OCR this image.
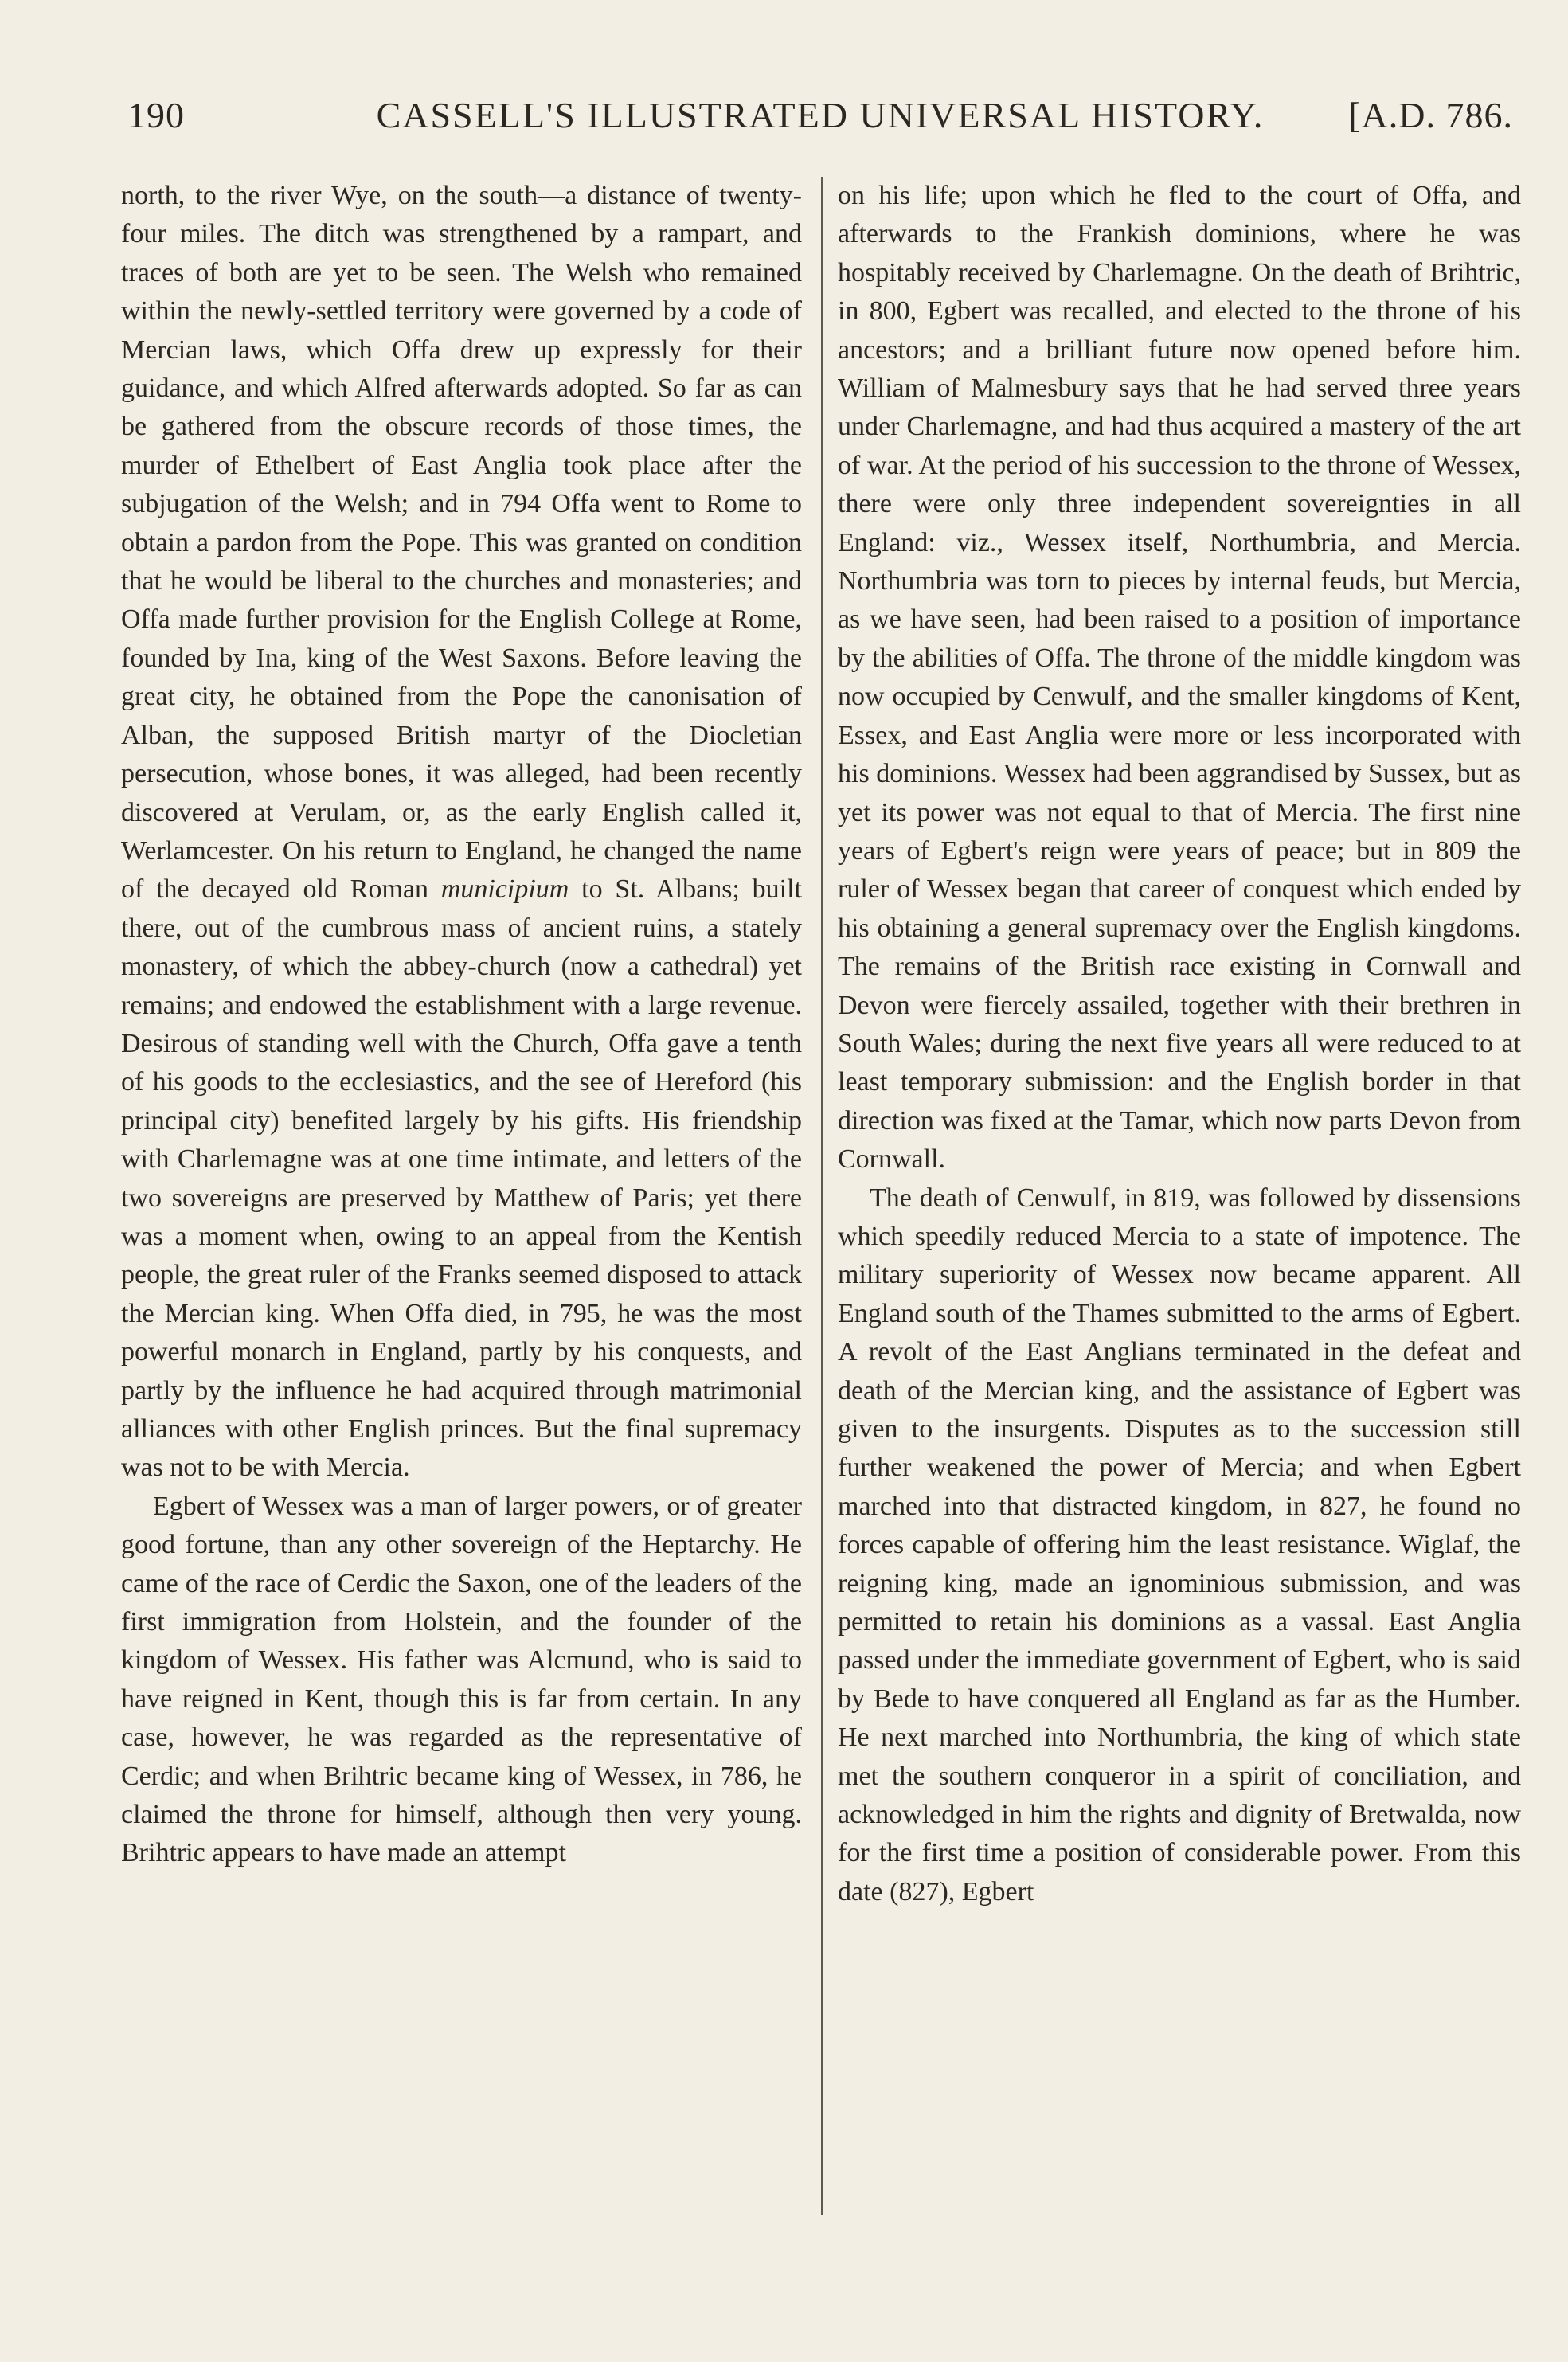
190	CASSELL'S ILLUSTRATED UNIVERSAL HISTORY.	[A.D. 786.

north, to the river Wye, on the south—a distance of twenty-four miles. The ditch was strengthened by a rampart, and traces of both are yet to be seen. The Welsh who remained within the newly-settled territory were governed by a code of Mercian laws, which Offa drew up expressly for their guidance, and which Alfred afterwards adopted. So far as can be gathered from the obscure records of those times, the murder of Ethelbert of East Anglia took place after the subjugation of the Welsh; and in 794 Offa went to Rome to obtain a pardon from the Pope. This was granted on condition that he would be liberal to the churches and monasteries; and Offa made further provision for the English College at Rome, founded by Ina, king of the West Saxons. Before leaving the great city, he obtained from the Pope the canonisation of Alban, the supposed British martyr of the Diocletian persecution, whose bones, it was alleged, had been recently discovered at Verulam, or, as the early English called it, Werlamcester. On his return to England, he changed the name of the decayed old Roman municipium to St. Albans; built there, out of the cumbrous mass of ancient ruins, a stately monastery, of which the abbey-church (now a cathedral) yet remains; and endowed the establishment with a large revenue. Desirous of standing well with the Church, Offa gave a tenth of his goods to the ecclesiastics, and the see of Hereford (his principal city) benefited largely by his gifts. His friendship with Charlemagne was at one time intimate, and letters of the two sovereigns are preserved by Matthew of Paris; yet there was a moment when, owing to an appeal from the Kentish people, the great ruler of the Franks seemed disposed to attack the Mercian king. When Offa died, in 795, he was the most powerful monarch in England, partly by his conquests, and partly by the influence he had acquired through matrimonial alliances with other English princes. But the final supremacy was not to be with Mercia.

Egbert of Wessex was a man of larger powers, or of greater good fortune, than any other sovereign of the Heptarchy. He came of the race of Cerdic the Saxon, one of the leaders of the first immigration from Holstein, and the founder of the kingdom of Wessex. His father was Alcmund, who is said to have reigned in Kent, though this is far from certain. In any case, however, he was regarded as the representative of Cerdic; and when Brihtric became king of Wessex, in 786, he claimed the throne for himself, although then very young. Brihtric appears to have made an attempt

on his life; upon which he fled to the court of Offa, and afterwards to the Frankish dominions, where he was hospitably received by Charlemagne. On the death of Brihtric, in 800, Egbert was recalled, and elected to the throne of his ancestors; and a brilliant future now opened before him. William of Malmesbury says that he had served three years under Charlemagne, and had thus acquired a mastery of the art of war. At the period of his succession to the throne of Wessex, there were only three independent sovereignties in all England: viz., Wessex itself, Northumbria, and Mercia. Northumbria was torn to pieces by internal feuds, but Mercia, as we have seen, had been raised to a position of importance by the abilities of Offa. The throne of the middle kingdom was now occupied by Cenwulf, and the smaller kingdoms of Kent, Essex, and East Anglia were more or less incorporated with his dominions. Wessex had been aggrandised by Sussex, but as yet its power was not equal to that of Mercia. The first nine years of Egbert's reign were years of peace; but in 809 the ruler of Wessex began that career of conquest which ended by his obtaining a general supremacy over the English kingdoms. The remains of the British race existing in Cornwall and Devon were fiercely assailed, together with their brethren in South Wales; during the next five years all were reduced to at least temporary submission: and the English border in that direction was fixed at the Tamar, which now parts Devon from Cornwall.

The death of Cenwulf, in 819, was followed by dissensions which speedily reduced Mercia to a state of impotence. The military superiority of Wessex now became apparent. All England south of the Thames submitted to the arms of Egbert. A revolt of the East Anglians terminated in the defeat and death of the Mercian king, and the assistance of Egbert was given to the insurgents. Disputes as to the succession still further weakened the power of Mercia; and when Egbert marched into that distracted kingdom, in 827, he found no forces capable of offering him the least resistance. Wiglaf, the reigning king, made an ignominious submission, and was permitted to retain his dominions as a vassal. East Anglia passed under the immediate government of Egbert, who is said by Bede to have conquered all England as far as the Humber. He next marched into Northumbria, the king of which state met the southern conqueror in a spirit of conciliation, and acknowledged in him the rights and dignity of Bretwalda, now for the first time a position of considerable power. From this date (827), Egbert
